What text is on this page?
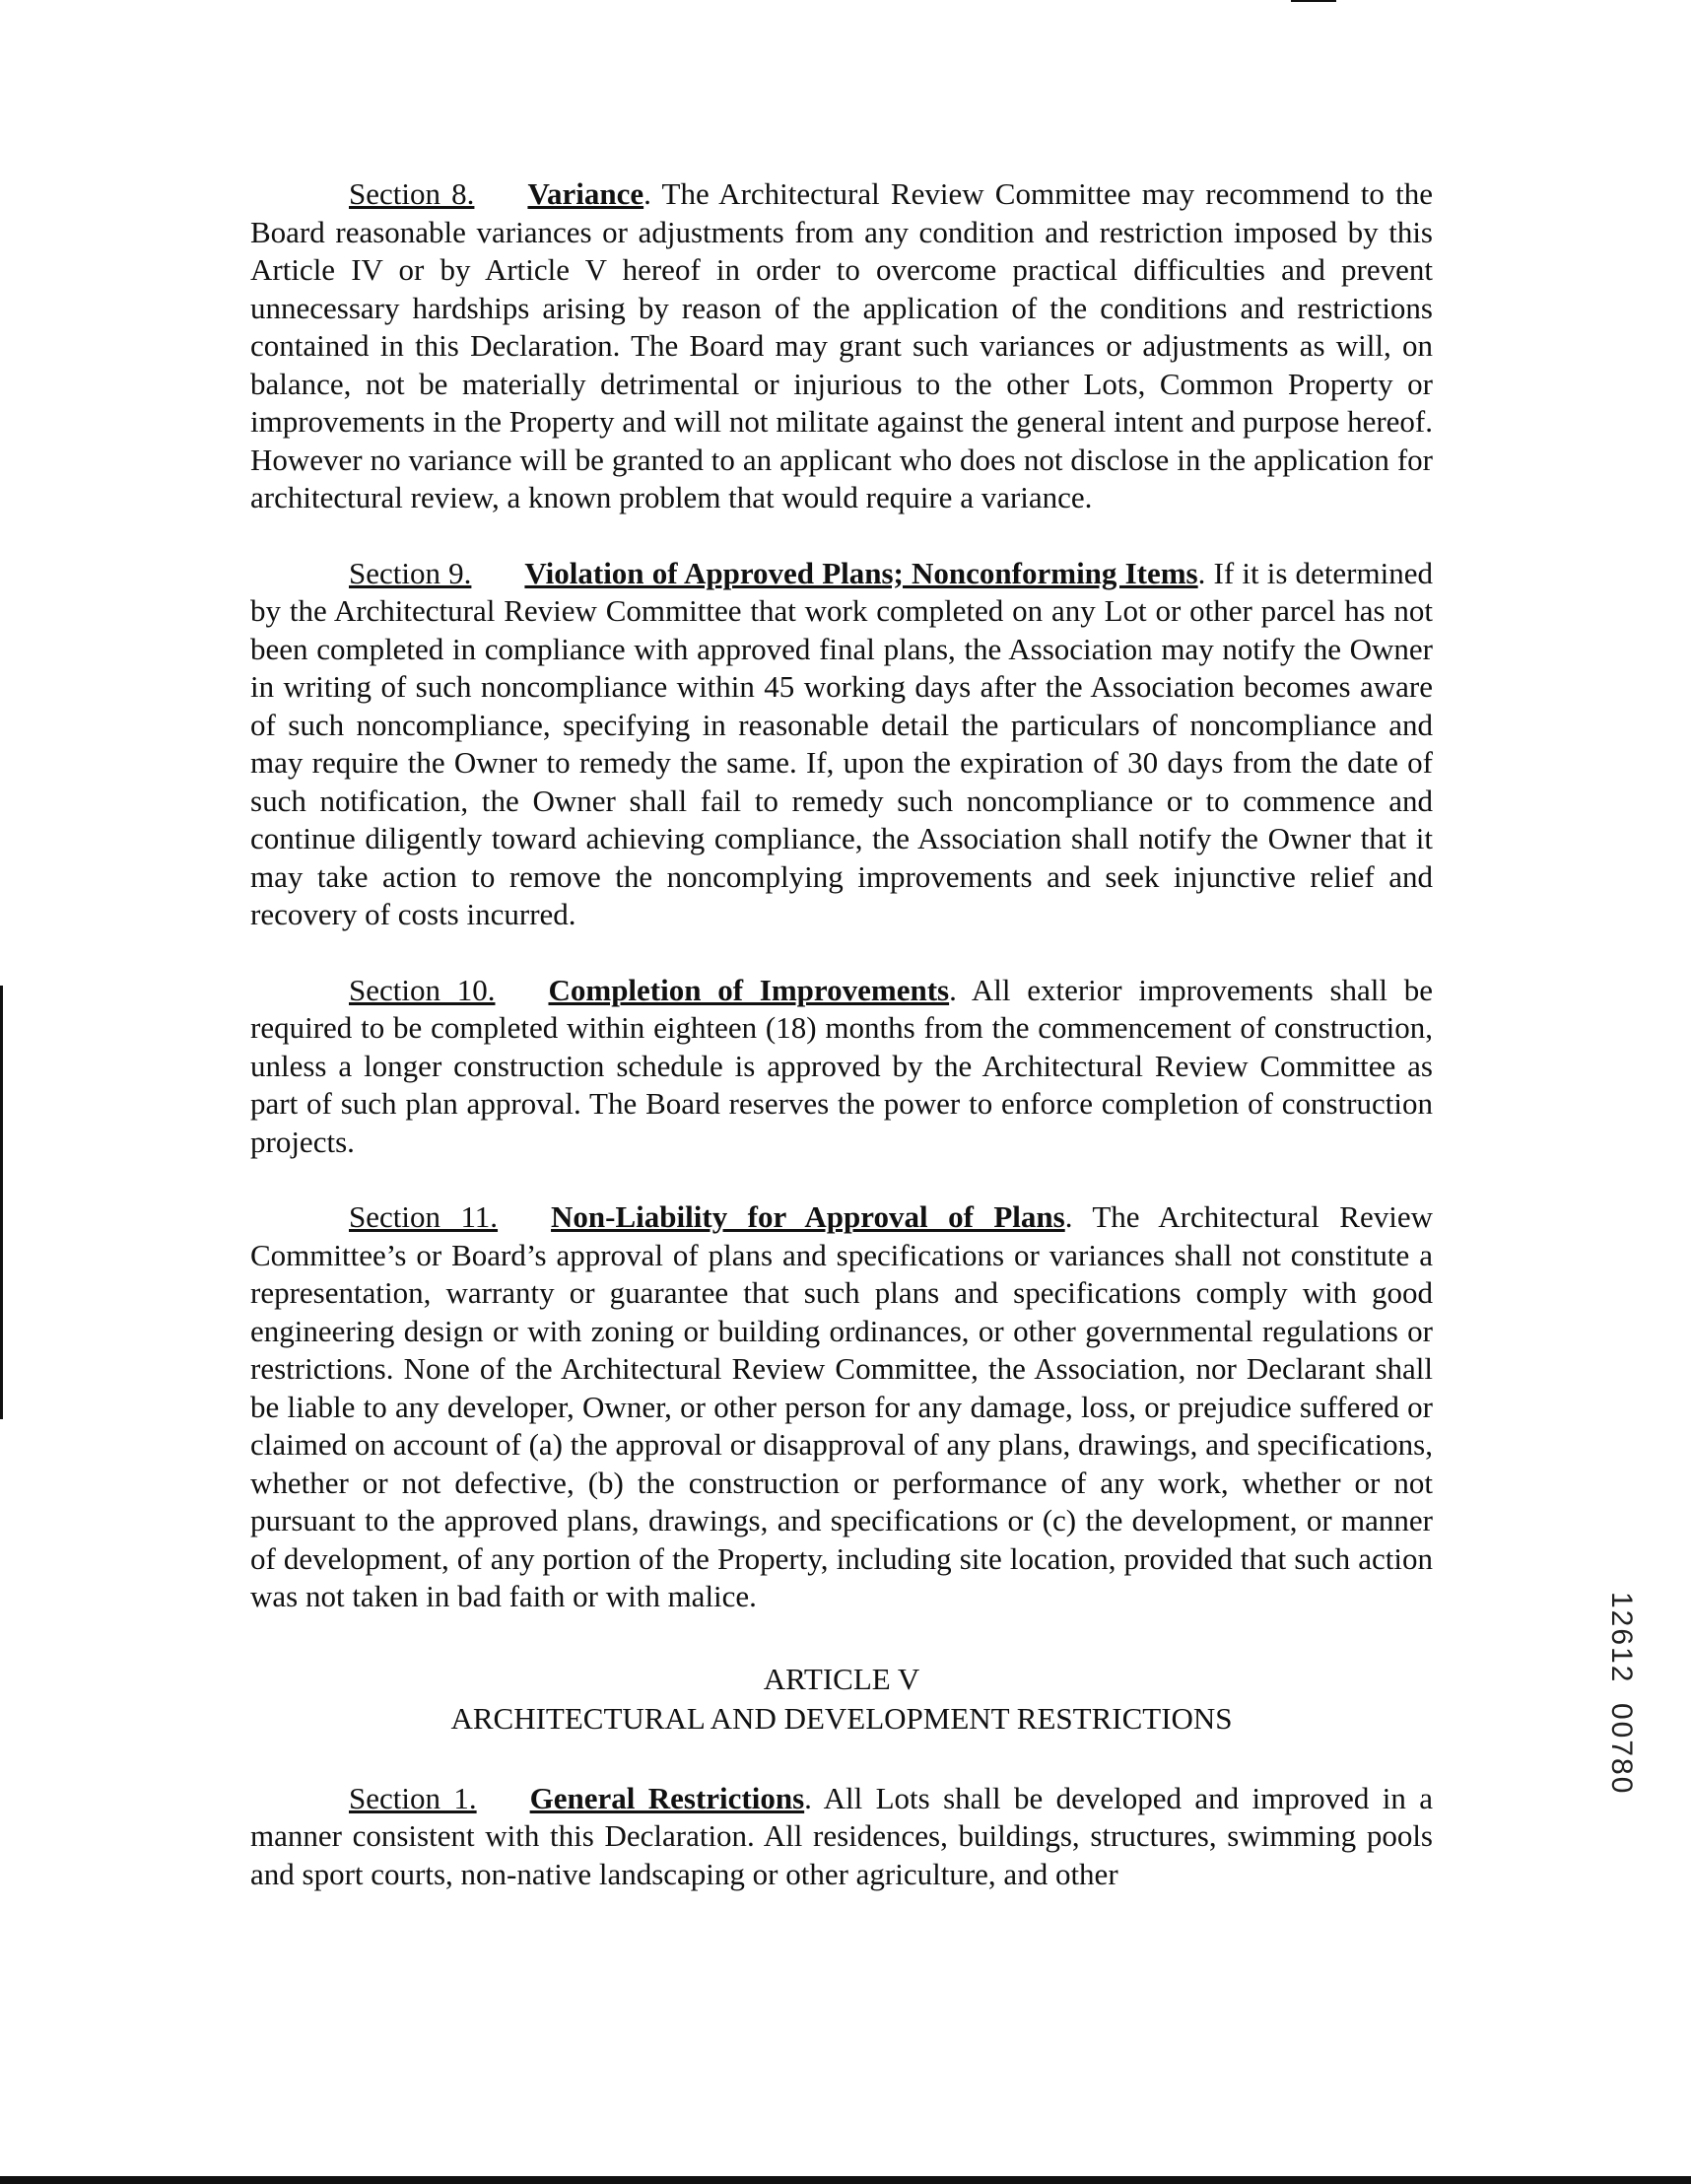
Section 8. Variance. The Architectural Review Committee may recommend to the Board reasonable variances or adjustments from any condition and restriction imposed by this Article IV or by Article V hereof in order to overcome practical difficulties and prevent unnecessary hardships arising by reason of the application of the conditions and restrictions contained in this Declaration. The Board may grant such variances or adjustments as will, on balance, not be materially detrimental or injurious to the other Lots, Common Property or improvements in the Property and will not militate against the general intent and purpose hereof. However no variance will be granted to an applicant who does not disclose in the application for architectural review, a known problem that would require a variance.

Section 9. Violation of Approved Plans; Nonconforming Items. If it is determined by the Architectural Review Committee that work completed on any Lot or other parcel has not been completed in compliance with approved final plans, the Association may notify the Owner in writing of such noncompliance within 45 working days after the Association becomes aware of such noncompliance, specifying in reasonable detail the particulars of noncompliance and may require the Owner to remedy the same. If, upon the expiration of 30 days from the date of such notification, the Owner shall fail to remedy such noncompliance or to commence and continue diligently toward achieving compliance, the Association shall notify the Owner that it may take action to remove the noncomplying improvements and seek injunctive relief and recovery of costs incurred.

Section 10. Completion of Improvements. All exterior improvements shall be required to be completed within eighteen (18) months from the commencement of construction, unless a longer construction schedule is approved by the Architectural Review Committee as part of such plan approval. The Board reserves the power to enforce completion of construction projects.

Section 11. Non-Liability for Approval of Plans. The Architectural Review Committee’s or Board’s approval of plans and specifications or variances shall not constitute a representation, warranty or guarantee that such plans and specifications comply with good engineering design or with zoning or building ordinances, or other governmental regulations or restrictions. None of the Architectural Review Committee, the Association, nor Declarant shall be liable to any developer, Owner, or other person for any damage, loss, or prejudice suffered or claimed on account of (a) the approval or disapproval of any plans, drawings, and specifications, whether or not defective, (b) the construction or performance of any work, whether or not pursuant to the approved plans, drawings, and specifications or (c) the development, or manner of development, of any portion of the Property, including site location, provided that such action was not taken in bad faith or with malice.

ARTICLE V
ARCHITECTURAL AND DEVELOPMENT RESTRICTIONS

Section 1. General Restrictions. All Lots shall be developed and improved in a manner consistent with this Declaration. All residences, buildings, structures, swimming pools and sport courts, non-native landscaping or other agriculture, and other

12612
00780
